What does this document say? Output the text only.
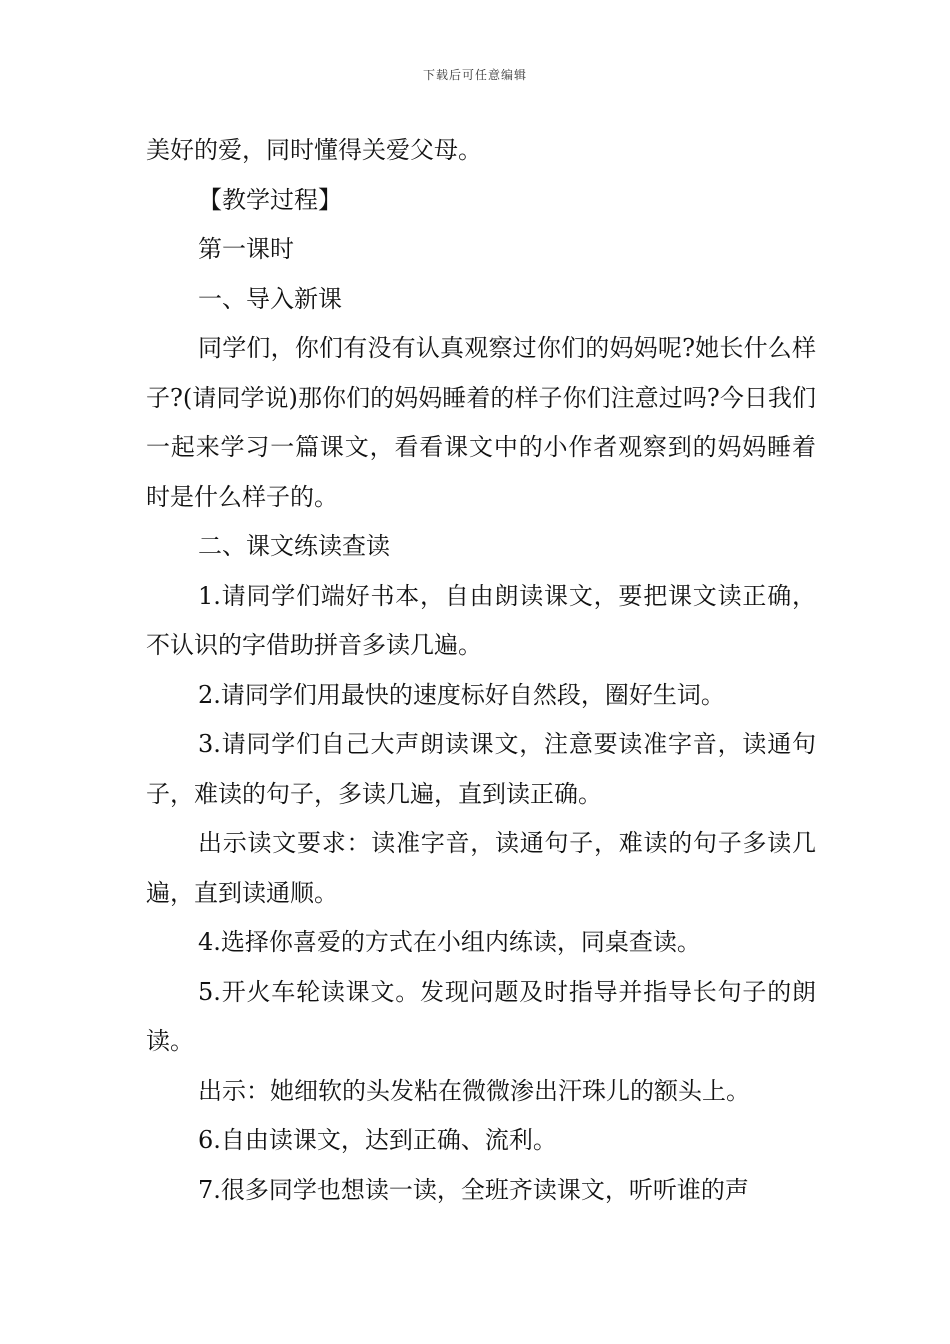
下载后可任意编辑

美好的爱，同时懂得关爱父母。

【教学过程】

第一课时

一、导入新课

同学们，你们有没有认真观察过你们的妈妈呢?她长什么样子?(请同学说)那你们的妈妈睡着的样子你们注意过吗?今日我们一起来学习一篇课文，看看课文中的小作者观察到的妈妈睡着时是什么样子的。

二、课文练读查读

1.请同学们端好书本，自由朗读课文，要把课文读正确，不认识的字借助拼音多读几遍。

2.请同学们用最快的速度标好自然段，圈好生词。

3.请同学们自己大声朗读课文，注意要读准字音，读通句子，难读的句子，多读几遍，直到读正确。

出示读文要求：读准字音，读通句子，难读的句子多读几遍，直到读通顺。

4.选择你喜爱的方式在小组内练读，同桌查读。

5.开火车轮读课文。发现问题及时指导并指导长句子的朗读。

出示：她细软的头发粘在微微渗出汗珠儿的额头上。

6.自由读课文，达到正确、流利。

7.很多同学也想读一读，全班齐读课文，听听谁的声
